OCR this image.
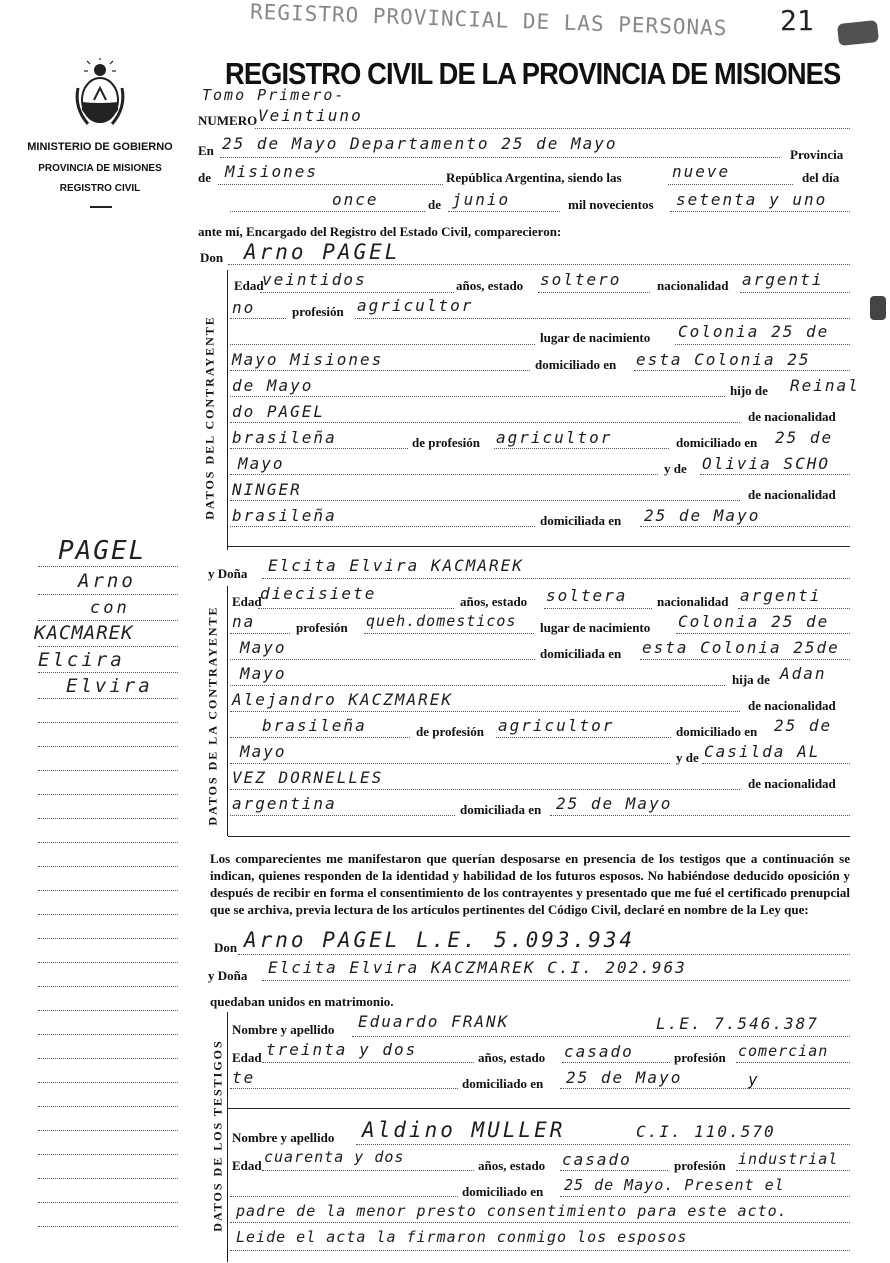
REGISTRO PROVINCIAL DE LAS PERSONAS 21
REGISTRO CIVIL DE LA PROVINCIA DE MISIONES
MINISTERIO DE GOBIERNO
PROVINCIA DE MISIONES
REGISTRO CIVIL
Tomo Primero-
NUMERO Veintiuno
En 25 de Mayo Departamento 25 de Mayo
Provincia
de Misiones	República Argentina, siendo las	nueve	del día
once	de junio	mil novecientos setenta y uno
ante mí, Encargado del Registro del Estado Civil, comparecieron:
Don Arno PAGEL
DATOS DEL CONTRAYENTE
Edad
veintidos	años, estado soltero	nacionalidad argenti
no	profesión agricultor
lugar de nacimiento Colonia 25 de
Mayo Misiones	domiciliado en esta Colonia 25
de Mayo	hijo de Reinal
do PAGEL	de nacionalidad
brasileña	de profesión agricultor	domiciliado en 25 de
Mayo	y de Olivia SCHO
NINGER	de nacionalidad
brasileña	domiciliada en 25 de Mayo
PAGEL
Arno
con
KACMAREK
Elcira
Elvira
y Doña Elcita Elvira KACMAREK
DATOS DE LA CONTRAYENTE
Edad
diecisiete	años, estado soltera nacionalidad argenti
na	profesión queh.domesticos lugar de nacimiento Colonia 25 de
Mayo	domiciliada en esta Colonia 25de
Mayo	hija de Adan
Alejandro KACZMAREK	de nacionalidad
brasileña	de profesión agricultor	domiciliado en 25 de
Mayo	y de Casilda AL
VEZ DORNELLES	de nacionalidad
argentina	domiciliada en 25 de Mayo
Los comparecientes me manifestaron que querían desposarse en presencia de los testigos que a continuación se indican, quienes responden de la identidad y habilidad de los futuros esposos. No habiéndose deducido oposición y después de recibir en forma el consentimiento de los contrayentes y presentado que me fué el certificado prenupcial que se archiva, previa lectura de los artículos pertinentes del Código Civil, declaré en nombre de la Ley que:
Don Arno PAGEL L.E. 5.093.934
y Doña Elcita Elvira KACZMAREK C.I. 202.963
quedaban unidos en matrimonio.
DATOS DE LOS TESTIGOS
Nombre y apellido Eduardo FRANK	L.E. 7.546.387
Edad treinta y dos	años, estado casado	profesión comercian
te	domiciliado en 25 de Mayo	y
Nombre y apellido Aldino MULLER	C.I. 110.570
Edad cuarenta y dos	años, estado casado	profesión industrial
domiciliado en 25 de Mayo. Present el
padre de la menor presto consentimiento para este acto.
Leide el acta la firmaron conmigo los esposos
